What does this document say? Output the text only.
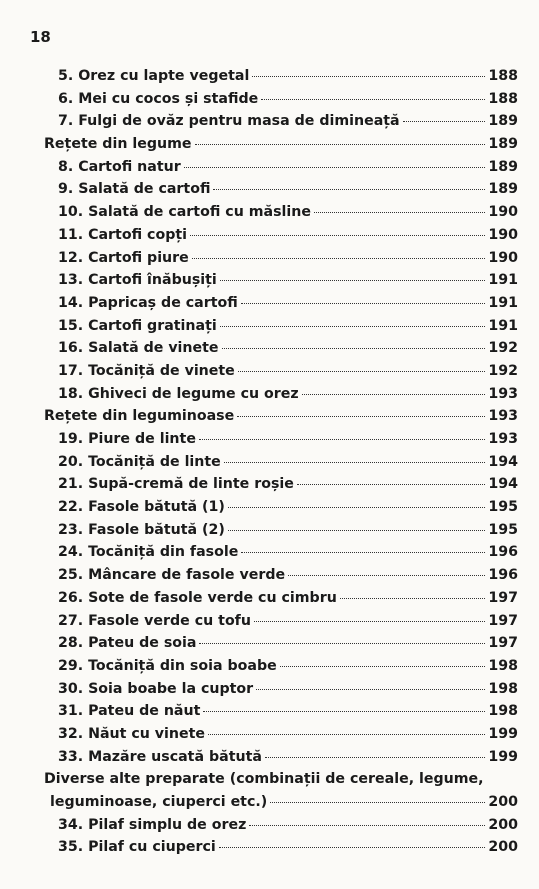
18
5. Orez cu lapte vegetal	188
6. Mei cu cocos și stafide	188
7. Fulgi de ovăz pentru masa de dimineață	189
Rețete din legume	189
8. Cartofi natur	189
9. Salată de cartofi	189
10. Salată de cartofi cu măsline	190
11. Cartofi copți	190
12. Cartofi piure	190
13. Cartofi înăbușiți	191
14. Papricaș de cartofi	191
15. Cartofi gratinați	191
16. Salată de vinete	192
17. Tocăniță de vinete	192
18. Ghiveci de legume cu orez	193
Rețete din leguminoase	193
19. Piure de linte	193
20. Tocăniță de linte	194
21. Supă-cremă de linte roșie	194
22. Fasole bătută (1)	195
23. Fasole bătută (2)	195
24. Tocăniță din fasole	196
25. Mâncare de fasole verde	196
26. Sote de fasole verde cu cimbru	197
27. Fasole verde cu tofu	197
28. Pateu de soia	197
29. Tocăniță din soia boabe	198
30. Soia boabe la cuptor	198
31. Pateu de năut	198
32. Năut cu vinete	199
33. Mazăre uscată bătută	199
Diverse alte preparate (combinații de cereale, legume,
leguminoase, ciuperci etc.)	200
34. Pilaf simplu de orez	200
35. Pilaf cu ciuperci	200
